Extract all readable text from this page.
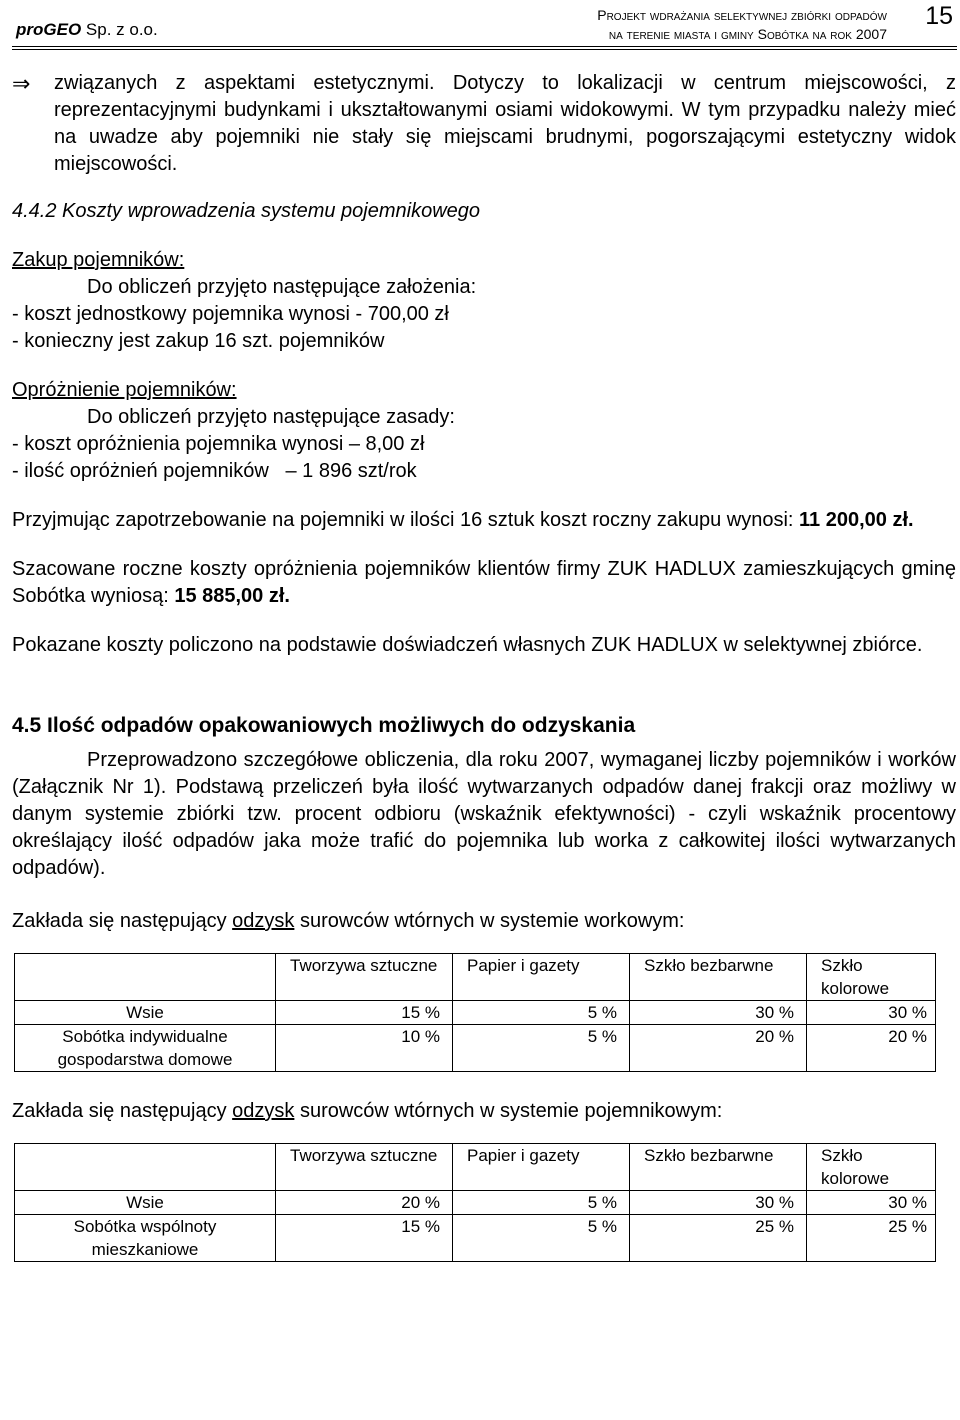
proGEO Sp. z o.o.
Projekt wdrażania selektywnej zbiórki odpadów
na terenie miasta i gminy Sobótka na rok 2007
15
⇒ związanych z aspektami estetycznymi. Dotyczy to lokalizacji w centrum miejscowości, z reprezentacyjnymi budynkami i ukształtowanymi osiami widokowymi. W tym przypadku należy mieć na uwadze aby pojemniki nie stały się miejscami brudnymi, pogorszającymi estetyczny widok miejscowości.

4.4.2 Koszty wprowadzenia systemu pojemnikowego

Zakup pojemników:

Do obliczeń przyjęto następujące założenia:

- koszt jednostkowy pojemnika wynosi - 700,00 zł

- konieczny jest zakup 16 szt. pojemników

Opróżnienie pojemników:

Do obliczeń przyjęto następujące zasady:

- koszt opróżnienia pojemnika wynosi – 8,00 zł

- ilość opróżnień pojemników   – 1 896 szt/rok

Przyjmując zapotrzebowanie na pojemniki w ilości 16 sztuk koszt roczny zakupu wynosi: 11 200,00 zł.

Szacowane roczne koszty opróżnienia pojemników klientów firmy ZUK HADLUX zamieszkujących gminę Sobótka wyniosą: 15 885,00 zł.

Pokazane koszty policzono na podstawie doświadczeń własnych ZUK HADLUX w selektywnej zbiórce.

4.5 Ilość odpadów opakowaniowych możliwych do odzyskania

Przeprowadzono szczegółowe obliczenia, dla roku 2007, wymaganej liczby pojemników i worków (Załącznik Nr 1). Podstawą przeliczeń była ilość wytwarzanych odpadów danej frakcji oraz możliwy w danym systemie zbiórki tzw. procent odbioru (wskaźnik efektywności) - czyli wskaźnik procentowy określający ilość odpadów jaka może trafić do pojemnika lub worka z całkowitej ilości wytwarzanych odpadów).

Zakłada się następujący odzysk surowców wtórnych w systemie workowym:

	Tworzywa sztuczne	Papier i gazety	Szkło bezbarwne	Szkło kolorowe
Wsie	15 %	5 %	30 %	30 %
Sobótka indywidualne gospodarstwa domowe	10 %	5 %	20 %	20 %

Zakłada się następujący odzysk surowców wtórnych w systemie pojemnikowym:

	Tworzywa sztuczne	Papier i gazety	Szkło bezbarwne	Szkło kolorowe
Wsie	20 %	5 %	30 %	30 %
Sobótka wspólnoty mieszkaniowe	15 %	5 %	25 %	25 %
